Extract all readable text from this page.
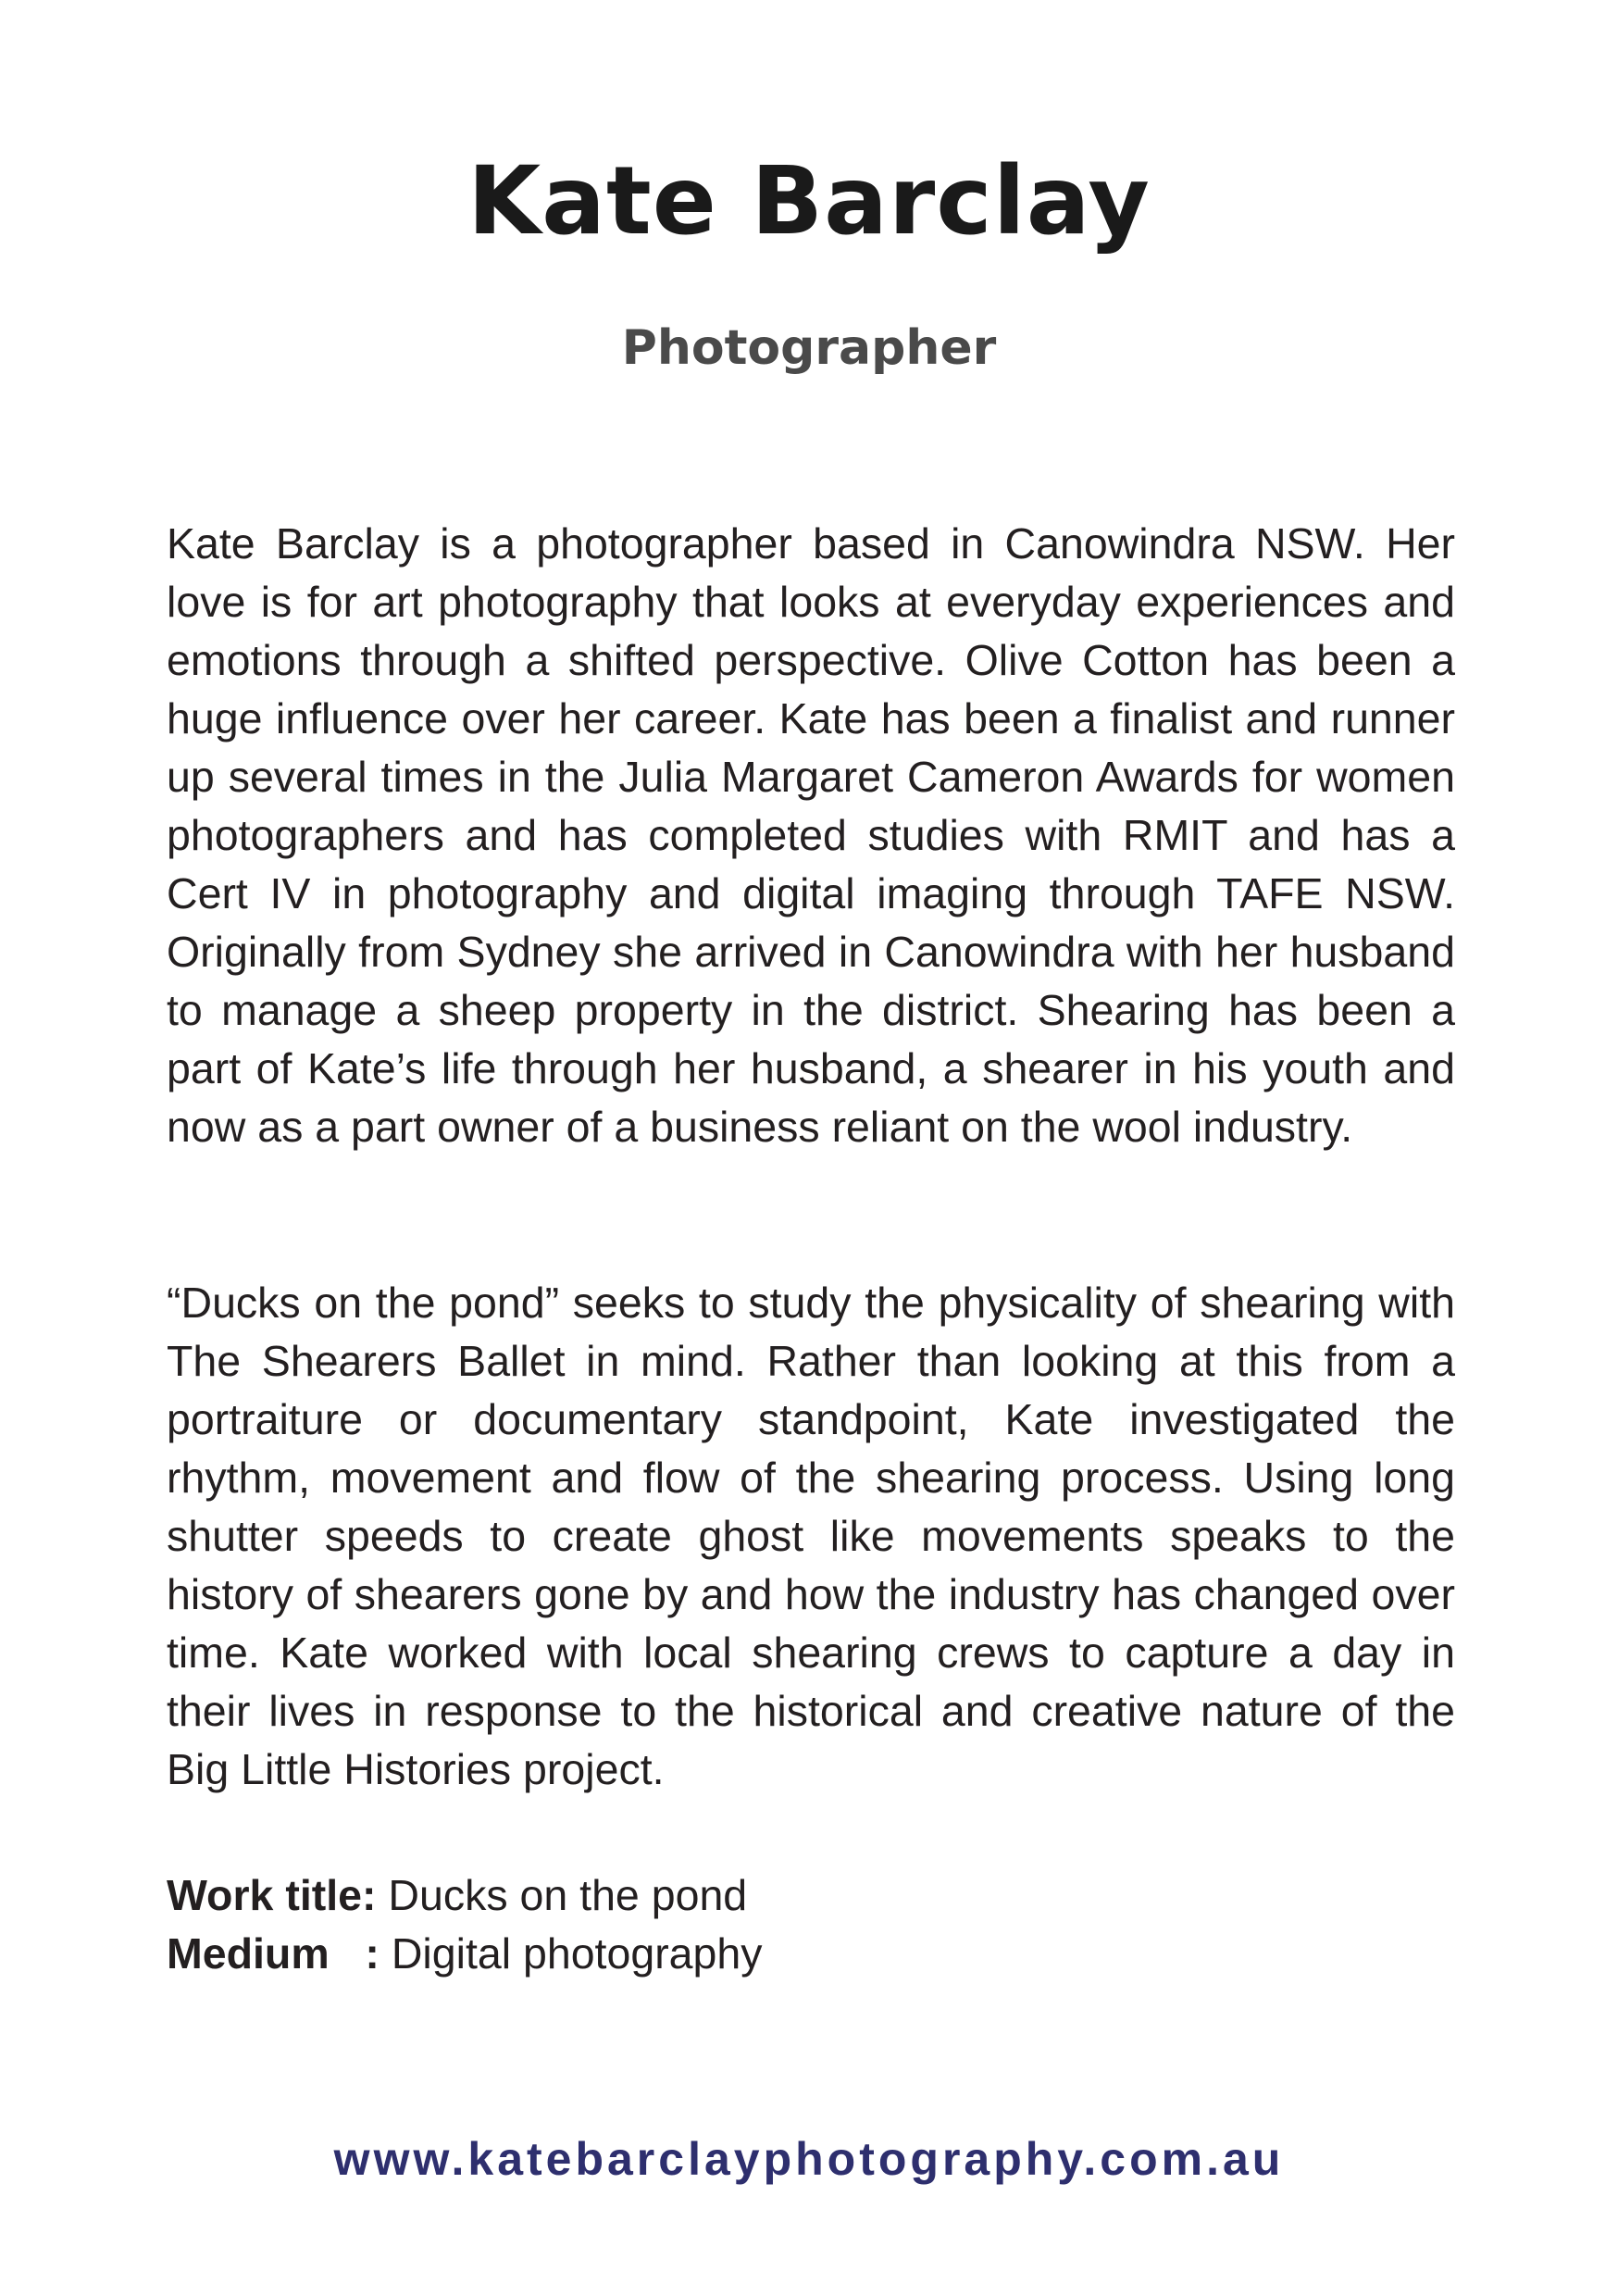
Kate Barclay
Photographer

Kate Barclay is a photographer based in Canowindra NSW. Her love is for art photography that looks at everyday experiences and emotions through a shifted perspective. Olive Cotton has been a huge influence over her career. Kate has been a finalist and runner up several times in the Julia Margaret Cameron Awards for women photographers and has completed studies with RMIT and has a Cert IV in photography and digital imaging through TAFE NSW. Originally from Sydney she arrived in Canowindra with her husband to manage a sheep property in the district. Shearing has been a part of Kate’s life through her husband, a shearer in his youth and now as a part owner of a business reliant on the wool industry.

“Ducks on the pond” seeks to study the physicality of shearing with The Shearers Ballet in mind. Rather than looking at this from a portraiture or documentary standpoint, Kate investigated the rhythm, movement and flow of the shearing process. Using long shutter speeds to create ghost like movements speaks to the history of shearers gone by and how the industry has changed over time. Kate worked with local shearing crews to capture a day in their lives in response to the historical and creative nature of the Big Little Histories project.

Work title: Ducks on the pond
Medium   : Digital photography
www.katebarclayphotography.com.au
